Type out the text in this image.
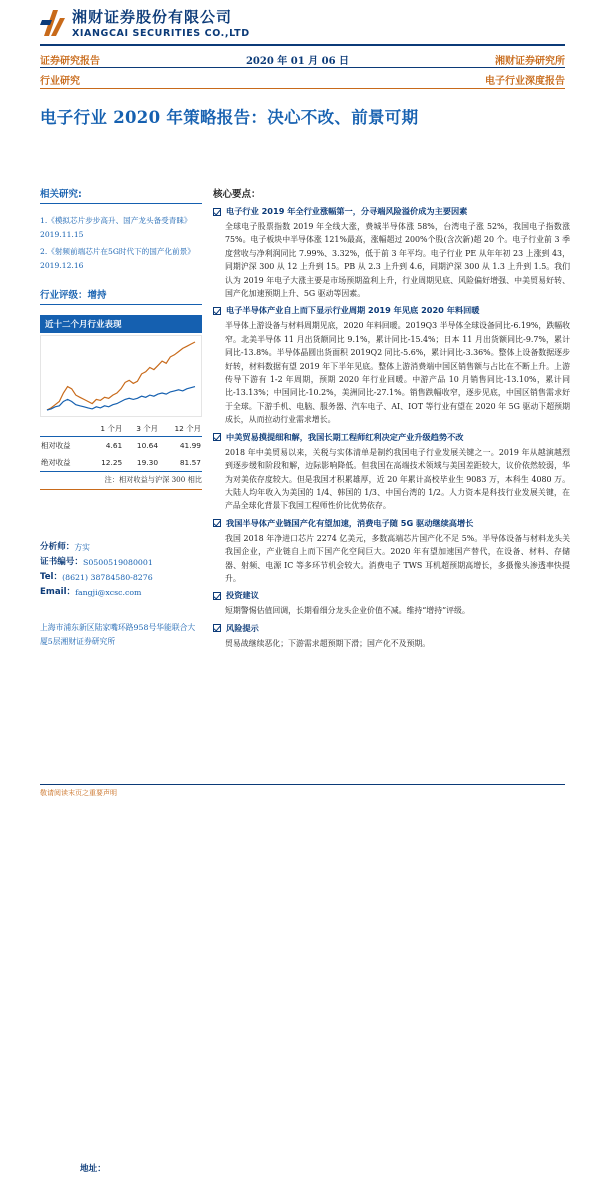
湘财证券股份有限公司
XIANGCAI SECURITIES CO.,LTD
证券研究报告	2020 年 01 月 06 日	湘财证券研究所
行业研究	电子行业深度报告
电子行业 2020 年策略报告：决心不改、前景可期
相关研究:
1.《模拟芯片步步高升、国产龙头备受青睐》 2019.11.15
2.《射频前端芯片在5G时代下的国产化前景》2019.12.16
行业评级：增持
近十二个月行业表现
	1 个月	3 个月	12 个月
相对收益	4.61	10.64	41.99
绝对收益	12.25	19.30	81.57
注：相对收益与沪深 300 相比
分析师： 方实
证书编号： S0500519080001
Tel： (8621) 38784580-8276
Email： fangji@xcsc.com
地址：
上海市浦东新区陆家嘴环路958号华能联合大厦5层湘财证券研究所
核心要点：
电子行业 2019 年全行业涨幅第一，分寻端风险溢价成为主要因素
全球电子股票指数 2019 年全线大涨，费城半导体涨 58%，台湾电子涨 52%，我国电子指数涨 75%。电子板块中半导体涨 121%最高，涨幅超过 200%个股(含次新)超 20 个。电子行业前 3 季度营收与净利润同比 7.99%、3.32%，低于前 3 年平均。电子行业 PE 从年年初 23 上涨到 43，同期沪深 300 从 12 上升到 15。PB 从 2.3 上升到 4.6，同期沪深 300 从 1.3 上升到 1.5。我们认为 2019 年电子大涨主要是市场预期盈利上升，行业周期见底、风险偏好增强、中美贸易好转、国产化加速预期上升、5G 驱动等因素。
电子半导体产业自上而下显示行业周期 2019 年见底 2020 年料回暖
半导体上游设备与材料周期见底，2020 年料回暖。2019Q3 半导体全球设备同比-6.19%，跌幅收窄。北美半导体 11 月出货额同比 9.1%，累计同比-15.4%；日本 11 月出货额同比-9.7%，累计同比-13.8%。半导体晶圆出货面积 2019Q2 同比-5.6%，累计同比-3.36%。整体上设备数据逐步好转，材料数据有望 2019 年下半年见底。整体上游消费端中国区销售额与占比在不断上升。上游传导下游有 1-2 年周期，预期 2020 年行业回暖。中游产品 10 月销售同比-13.10%，累计同比-13.13%；中国同比-10.2%，美洲同比-27.1%。销售跌幅收窄，逐步见底，中国区销售需求好于全球。下游手机、电脑、服务器、汽车电子、AI、IOT 等行业有望在 2020 年 5G 驱动下超预期成长，从而拉动行业需求增长。
中美贸易摸提细和解，我国长期工程师红利决定产业升级趋势不改
2018 年中美贸易以来，关税与实体清单是制约我国电子行业发展关键之一。2019 年从越演越烈到逐步缓和阶段和解，边际影响降低。但我国在高端技术领域与美国差距较大，议价依然较弱，华为对美依存度较大。但是我国才积累雄厚，近 20 年累计高校毕业生 9083 万，本科生 4080 万。大陆人均年收入为美国的 1/4、韩国的 1/3、中国台湾的 1/2。人力资本是科技行业发展关键，在产品全球化背景下我国工程师性价比优势依存。
我国半导体产业链国产化有望加速，消费电子随 5G 驱动继续高增长
我国 2018 年净进口芯片 2274 亿美元，多数高端芯片国产化不足 5%。半导体设备与材料龙头关我国企业，产业链自上而下国产化空间巨大。2020 年有望加速国产替代，在设备、材料、存储器、射频、电源 IC 等多环节机会较大。消费电子 TWS 耳机超预期高增长，多摄像头渗透率快提升。
投资建议
短期警惕估值回调，长期看细分龙头企业价值不减。维持“增持”评级。
风险提示
贸易战继续恶化；下游需求超预期下滑；国产化不及预期。
敬请阅读末页之重要声明
